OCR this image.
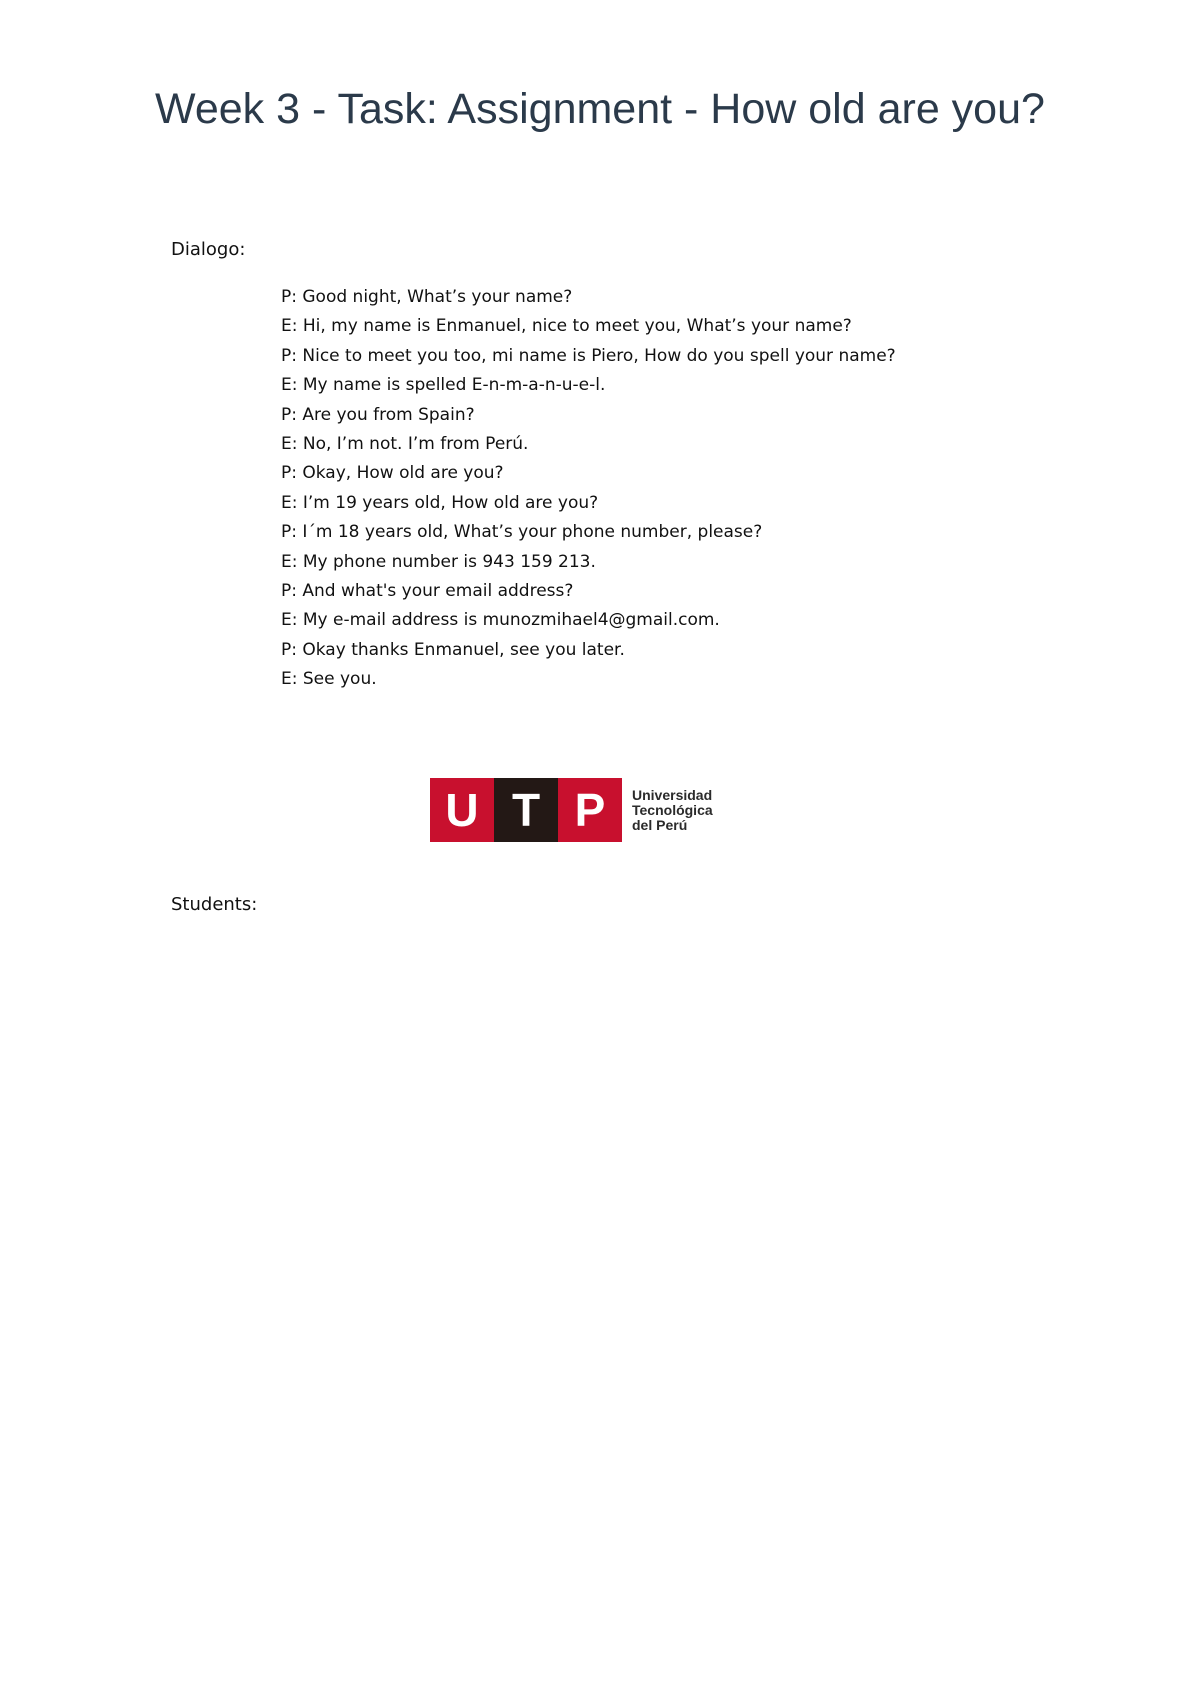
Week 3 - Task: Assignment - How old are you?

Dialogo:

P: Good night, What’s your name?
E: Hi, my name is Enmanuel, nice to meet you, What’s your name?
P: Nice to meet you too, mi name is Piero, How do you spell your name?
E: My name is spelled E-n-m-a-n-u-e-l.
P: Are you from Spain?
E: No, I’m not. I’m from Perú.
P: Okay, How old are you?
E: I’m 19 years old, How old are you?
P: I´m 18 years old, What’s your phone number, please?
E: My phone number is 943 159 213.
P: And what's your email address?
E: My e-mail address is munozmihael4@gmail.com.
P: Okay thanks Enmanuel, see you later.
E: See you.
U T P	Universidad
Tecnológica
del Perú

Students:
